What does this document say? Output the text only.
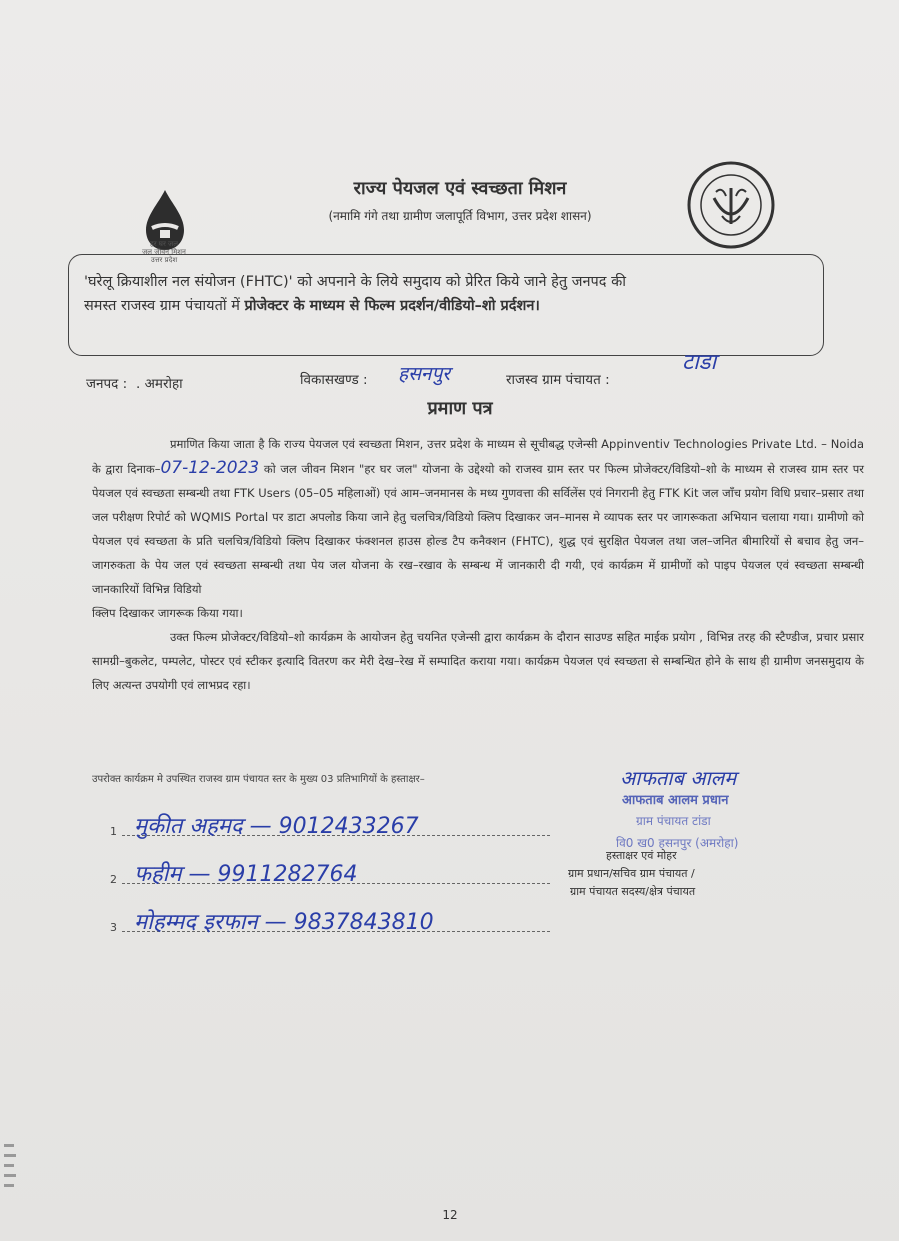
हर घर जल
जल जीवन मिशन
उत्तर प्रदेश
राज्य पेयजल एवं स्वच्छता मिशन
(नमामि गंगे तथा ग्रामीण जलापूर्ति विभाग, उत्तर प्रदेश शासन)
'घरेलू क्रियाशील नल संयोजन (FHTC)' को अपनाने के लिये समुदाय को प्रेरित किये जाने हेतु जनपद की
समस्त राजस्व ग्राम पंचायतों में प्रोजेक्टर के माध्यम से फिल्म प्रदर्शन/वीडियो–शो प्रर्दशन।
जनपद : . अमरोहा	विकासखण्ड : हसनपुर	राजस्व ग्राम पंचायत :
टाडा
प्रमाण पत्र

प्रमाणित किया जाता है कि राज्य पेयजल एवं स्वच्छता मिशन, उत्तर प्रदेश के माध्यम से सूचीबद्ध एजेन्सी Appinventiv Technologies Private Ltd. – Noida के द्वारा दिनाक–07-12-2023 को जल जीवन मिशन "हर घर जल" योजना के उद्देश्यो को राजस्व ग्राम स्तर पर फिल्म प्रोजेक्टर/विडियो–शो के माध्यम से राजस्व ग्राम स्तर पर पेयजल एवं स्वच्छता सम्बन्धी तथा FTK Users (05–05 महिलाओं) एवं आम–जनमानस के मध्य गुणवत्ता की सर्विलेंस एवं निगरानी हेतु FTK Kit जल जाँच प्रयोग विधि प्रचार–प्रसार तथा जल परीक्षण रिपोर्ट को WQMIS Portal पर डाटा अपलोड किया जाने हेतु चलचित्र/विडियो क्लिप दिखाकर जन–मानस मे व्यापक स्तर पर जागरूकता अभियान चलाया गया। ग्रामीणो को पेयजल एवं स्वच्छता के प्रति चलचित्र/विडियो क्लिप दिखाकर फंक्शनल हाउस होल्ड टैप कनैक्शन (FHTC), शुद्ध एवं सुरक्षित पेयजल तथा जल–जनित बीमारियों से बचाव हेतु जन–जागरुकता के पेय जल एवं स्वच्छता सम्बन्धी तथा पेय जल योजना के रख–रखाव के सम्बन्ध में जानकारी दी गयी, एवं कार्यक्रम में ग्रामीणों को पाइप पेयजल एवं स्वच्छता सम्बन्धी जानकारियों विभिन्न विडियो

क्लिप दिखाकर जागरूक किया गया।

उक्त फिल्म प्रोजेक्टर/विडियो–शो कार्यक्रम के आयोजन हेतु चयनित एजेन्सी द्वारा कार्यक्रम के दौरान साउण्ड सहित माईक प्रयोग , विभिन्न तरह की स्टैण्डीज, प्रचार प्रसार सामग्री–बुकलेट, पम्पलेट, पोस्टर एवं स्टीकर इत्यादि वितरण कर मेरी देख–रेख में सम्पादित कराया गया। कार्यक्रम पेयजल एवं स्वच्छता से सम्बन्धित होने के साथ ही ग्रामीण जनसमुदाय के लिए अत्यन्त उपयोगी एवं लाभप्रद रहा।

उपरोक्त कार्यक्रम मे उपस्थित राजस्व ग्राम पंचायत स्तर के मुख्य 03 प्रतिभागियों के हस्ताक्षर–
1 मुकीत अहमद — 9012433267
2 फहीम — 9911282764
3 मोहम्मद इरफान — 9837843810
आफताब आलम
आफताब आलम प्रधान
ग्राम पंचायत टांडा
वि0 ख0 हसनपुर (अमरोहा)
हस्ताक्षर एवं मोहर
ग्राम प्रधान/सचिव ग्राम पंचायत /
ग्राम पंचायत सदस्य/क्षेत्र पंचायत
12
